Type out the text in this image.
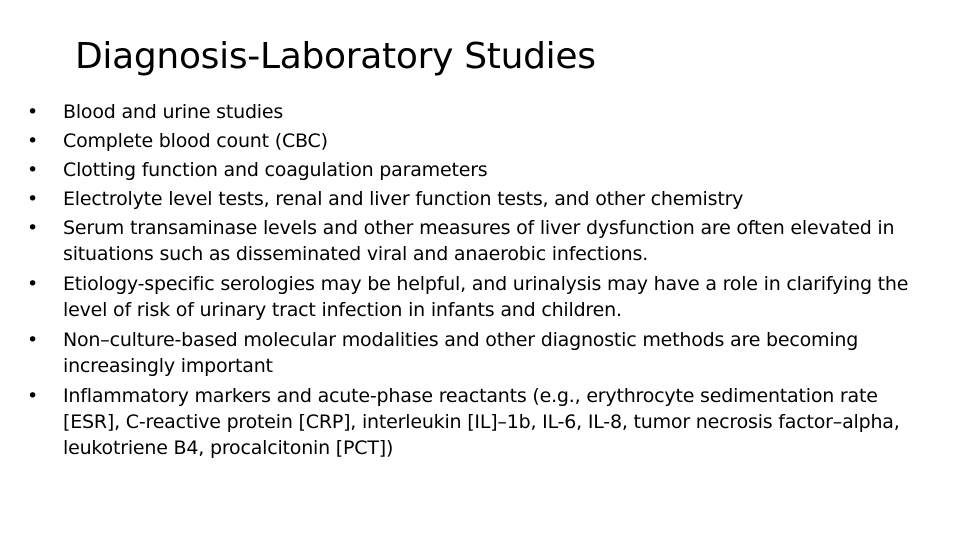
Diagnosis-Laboratory Studies
•	Blood and urine studies
•	Complete blood count (CBC)
•	Clotting function and coagulation parameters
•	Electrolyte level tests, renal and liver function tests, and other chemistry
•	Serum transaminase levels and other measures of liver dysfunction are often elevated in situations such as disseminated viral and anaerobic infections.
•	Etiology-specific serologies may be helpful, and urinalysis may have a role in clarifying the level of risk of urinary tract infection in infants and children.
•	Non–culture-based molecular modalities and other diagnostic methods are becoming increasingly important
•	Inflammatory markers and acute-phase reactants (e.g., erythrocyte sedimentation rate [ESR], C-reactive protein [CRP], interleukin [IL]–1b, IL-6, IL-8, tumor necrosis factor–alpha, leukotriene B4, procalcitonin [PCT])
